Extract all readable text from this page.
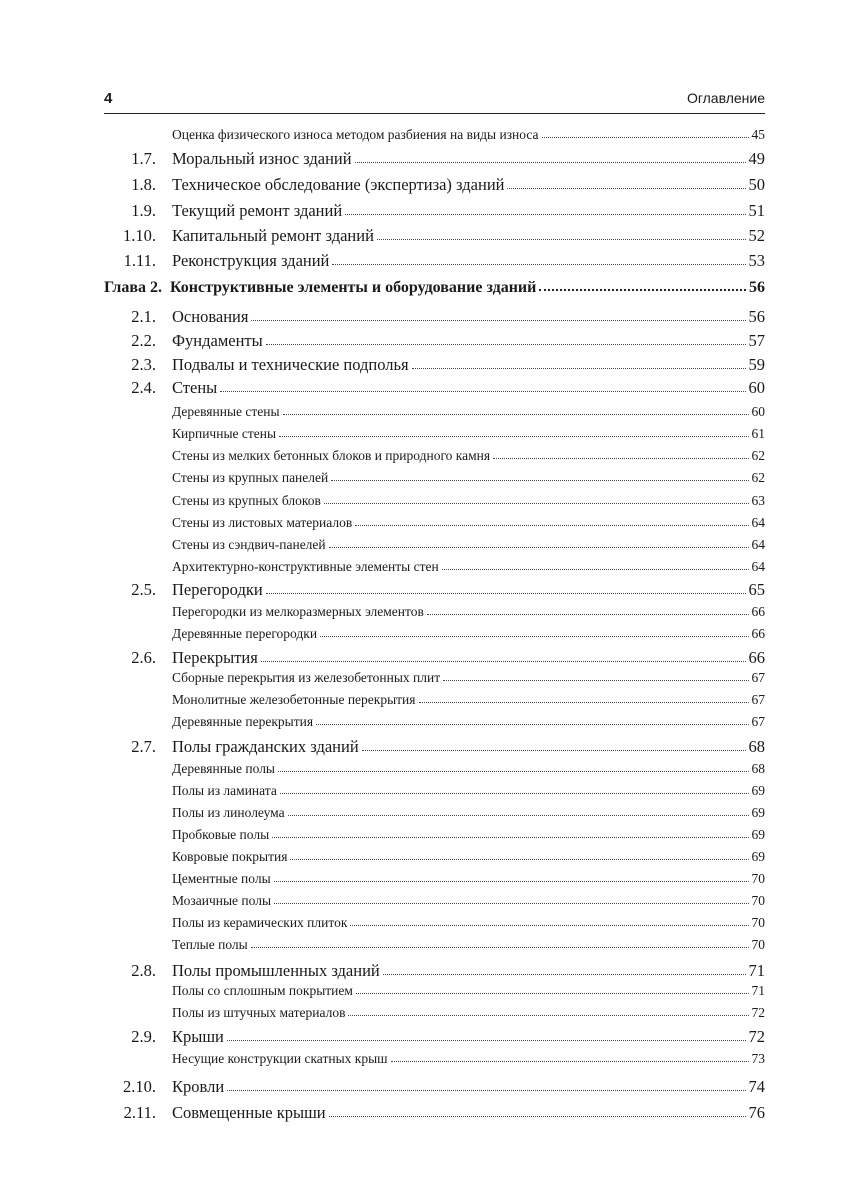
4	Оглавление
Оценка физического износа методом разбиения на виды износа	45
1.7. Моральный износ зданий	49
1.8. Техническое обследование (экспертиза) зданий	50
1.9. Текущий ремонт зданий	51
1.10. Капитальный ремонт зданий	52
1.11. Реконструкция зданий	53
Глава 2. Конструктивные элементы и оборудование зданий	56
2.1. Основания	56
2.2. Фундаменты	57
2.3. Подвалы и технические подполья	59
2.4. Стены	60
Деревянные стены	60
Кирпичные стены	61
Стены из мелких бетонных блоков и природного камня	62
Стены из крупных панелей	62
Стены из крупных блоков	63
Стены из листовых материалов	64
Стены из сэндвич-панелей	64
Архитектурно-конструктивные элементы стен	64
2.5. Перегородки	65
Перегородки из мелкоразмерных элементов	66
Деревянные перегородки	66
2.6. Перекрытия	66
Сборные перекрытия из железобетонных плит	67
Монолитные железобетонные перекрытия	67
Деревянные перекрытия	67
2.7. Полы гражданских зданий	68
Деревянные полы	68
Полы из ламината	69
Полы из линолеума	69
Пробковые полы	69
Ковровые покрытия	69
Цементные полы	70
Мозаичные полы	70
Полы из керамических плиток	70
Теплые полы	70
2.8. Полы промышленных зданий	71
Полы со сплошным покрытием	71
Полы из штучных материалов	72
2.9. Крыши	72
Несущие конструкции скатных крыш	73
2.10. Кровли	74
2.11. Совмещенные крыши	76
